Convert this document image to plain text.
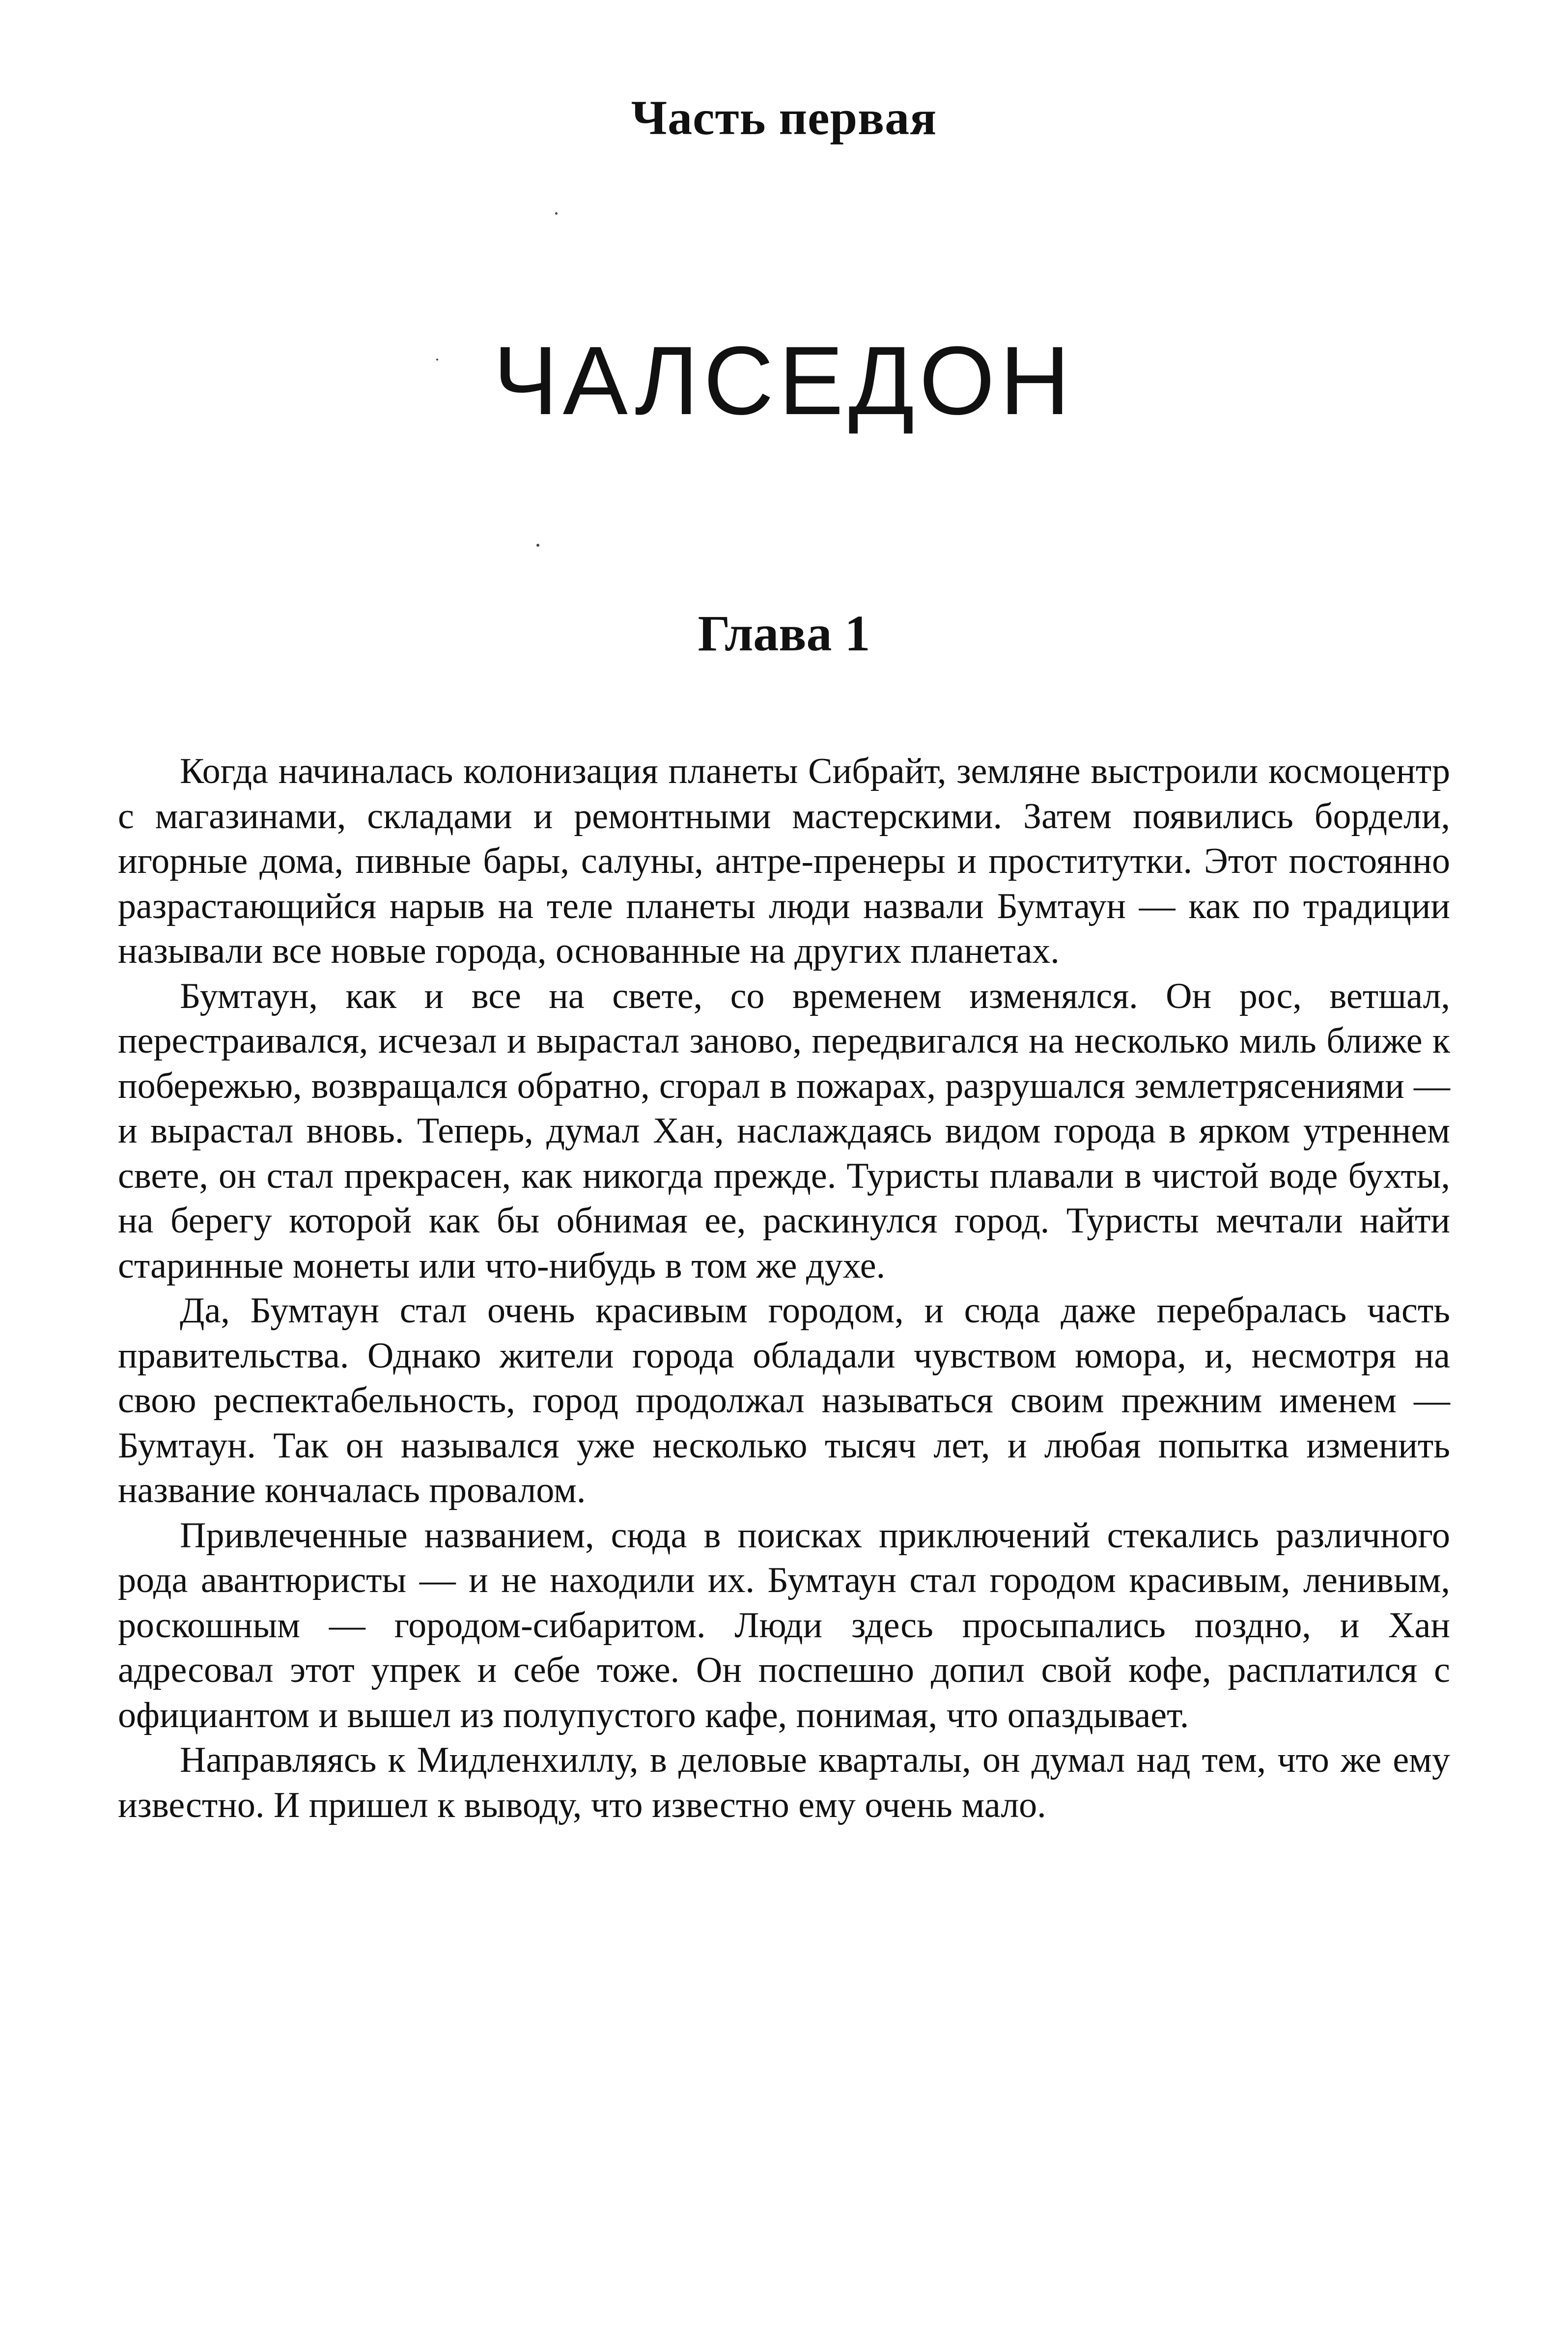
Часть первая
ЧАЛСЕДОН
Глава 1

Когда начиналась колонизация планеты Сибрайт, земляне выстроили космоцентр с магазинами, складами и ремонтными мастерскими. Затем появились бордели, игорные дома, пивные бары, салуны, антре-пренеры и проститутки. Этот постоянно разрастающийся нарыв на теле планеты люди назвали Бумтаун — как по традиции называли все новые города, основанные на других планетах.

Бумтаун, как и все на свете, со временем изменялся. Он рос, ветшал, перестраивался, исчезал и вырастал заново, передвигался на несколько миль ближе к побережью, возвращался обратно, сгорал в пожарах, разрушался землетрясениями — и вырастал вновь. Теперь, думал Хан, наслаждаясь видом города в ярком утреннем свете, он стал прекрасен, как никогда прежде. Туристы плавали в чистой воде бухты, на берегу которой как бы обнимая ее, раскинулся город. Туристы мечтали найти старинные монеты или что-нибудь в том же духе.

Да, Бумтаун стал очень красивым городом, и сюда даже перебралась часть правительства. Однако жители города обладали чувством юмора, и, несмотря на свою респектабельность, город продолжал называться своим прежним именем — Бумтаун. Так он назывался уже несколько тысяч лет, и любая попытка изменить название кончалась провалом.

Привлеченные названием, сюда в поисках приключений стекались различного рода авантюристы — и не находили их. Бумтаун стал городом красивым, ленивым, роскошным — городом-сибаритом. Люди здесь просыпались поздно, и Хан адресовал этот упрек и себе тоже. Он поспешно допил свой кофе, расплатился с официантом и вышел из полупустого кафе, понимая, что опаздывает.

Направляясь к Мидленхиллу, в деловые кварталы, он думал над тем, что же ему известно. И пришел к выводу, что известно ему очень мало.
